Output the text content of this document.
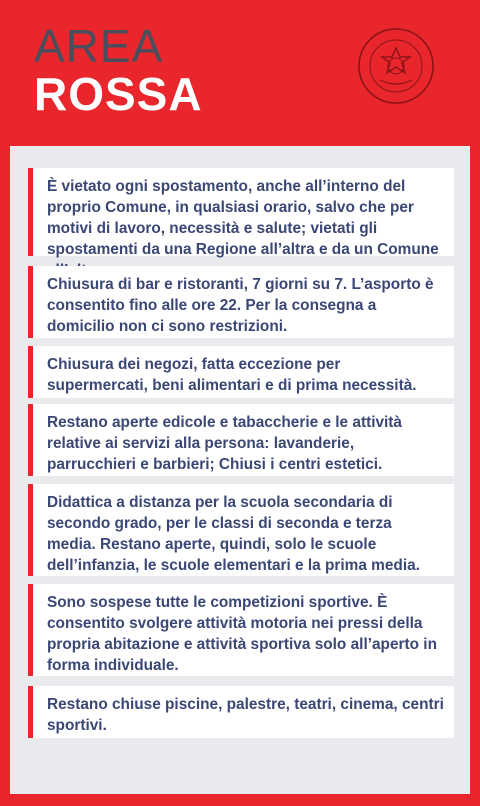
AREA
ROSSA
È vietato ogni spostamento, anche all’interno del proprio Comune, in qualsiasi orario, salvo che per motivi di lavoro, necessità e salute; vietati gli spostamenti da una Regione all’altra e da un Comune
Chiusura di bar e ristoranti, 7 giorni su 7. L’asporto è consentito fino alle ore 22. Per la consegna a domicilio non ci sono restrizioni.
Chiusura dei negozi, fatta eccezione per supermercati, beni alimentari e di prima necessità.
Restano aperte edicole e tabaccherie e le attività relative ai servizi alla persona: lavanderie, parrucchieri e barbieri; Chiusi i centri estetici.
Didattica a distanza per la scuola secondaria di secondo grado, per le classi di seconda e terza media. Restano aperte, quindi, solo le scuole dell’infanzia, le scuole elementari e la prima media.
Sono sospese tutte le competizioni sportive. È consentito svolgere attività motoria nei pressi della propria abitazione e attività sportiva solo all’aperto in forma individuale.
Restano chiuse piscine, palestre, teatri, cinema, centri sportivi.
